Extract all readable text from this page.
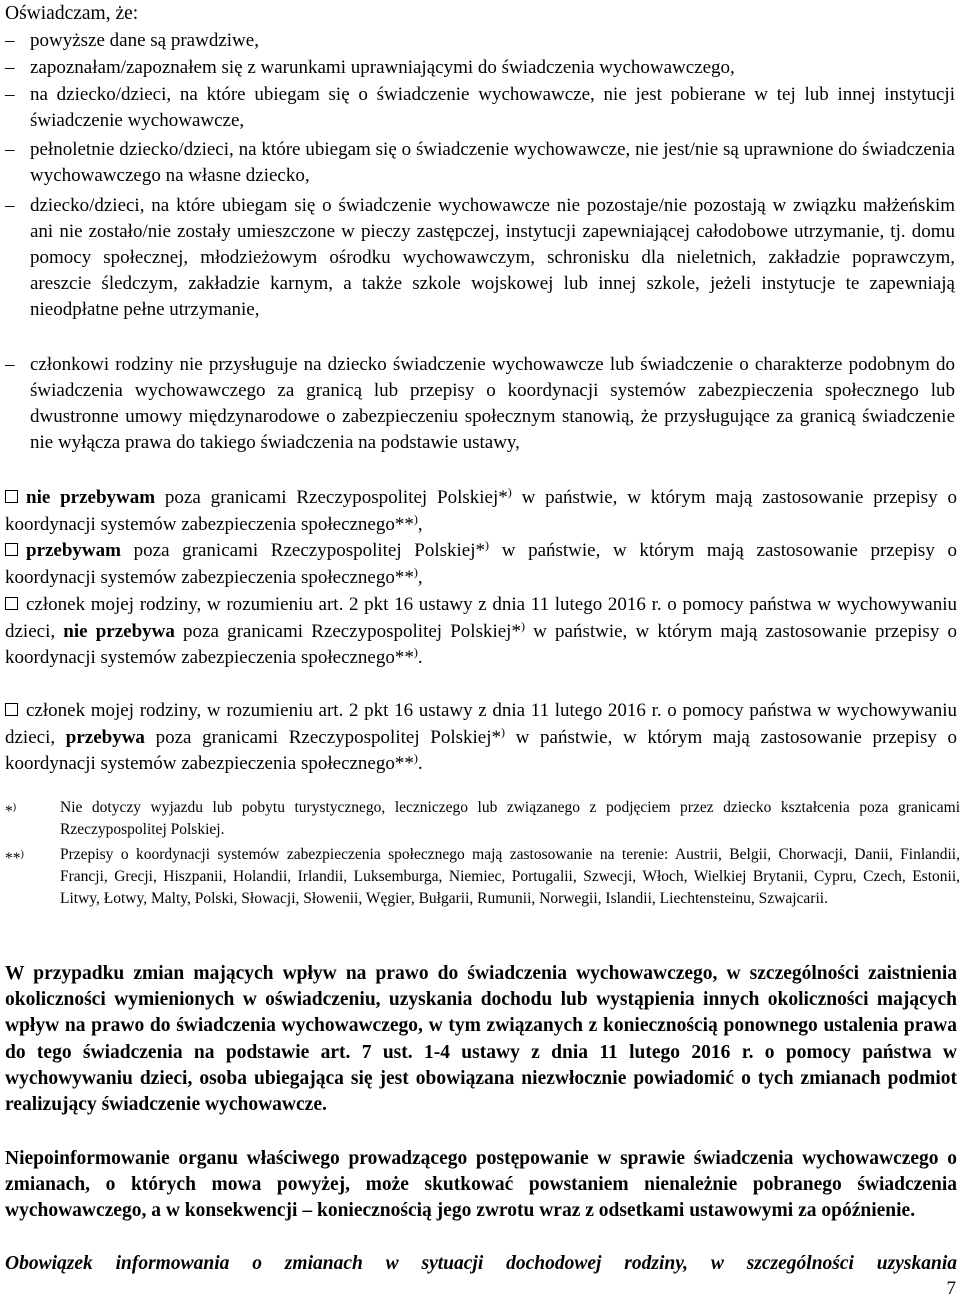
Oświadczam, że:
– powyższe dane są prawdziwe,
– zapoznałam/zapoznałem się z warunkami uprawniającymi do świadczenia wychowawczego,
– na dziecko/dzieci, na które ubiegam się o świadczenie wychowawcze, nie jest pobierane w tej lub innej instytucji świadczenie wychowawcze,
– pełnoletnie dziecko/dzieci, na które ubiegam się o świadczenie wychowawcze, nie jest/nie są uprawnione do świadczenia wychowawczego na własne dziecko,
– dziecko/dzieci, na które ubiegam się o świadczenie wychowawcze nie pozostaje/nie pozostają w związku małżeńskim ani nie zostało/nie zostały umieszczone w pieczy zastępczej, instytucji zapewniającej całodobowe utrzymanie, tj. domu pomocy społecznej, młodzieżowym ośrodku wychowawczym, schronisku dla nieletnich, zakładzie poprawczym, areszcie śledczym, zakładzie karnym, a także szkole wojskowej lub innej szkole, jeżeli instytucje te zapewniają nieodpłatne pełne utrzymanie,
– członkowi rodziny nie przysługuje na dziecko świadczenie wychowawcze lub świadczenie o charakterze podobnym do świadczenia wychowawczego za granicą lub przepisy o koordynacji systemów zabezpieczenia społecznego lub dwustronne umowy międzynarodowe o zabezpieczeniu społecznym stanowią, że przysługujące za granicą świadczenie nie wyłącza prawa do takiego świadczenia na podstawie ustawy,
nie przebywam poza granicami Rzeczypospolitej Polskiej*) w państwie, w którym mają zastosowanie przepisy o koordynacji systemów zabezpieczenia społecznego**),
przebywam poza granicami Rzeczypospolitej Polskiej*) w państwie, w którym mają zastosowanie przepisy o koordynacji systemów zabezpieczenia społecznego**),
członek mojej rodziny, w rozumieniu art. 2 pkt 16 ustawy z dnia 11 lutego 2016 r. o pomocy państwa w wychowywaniu dzieci, nie przebywa poza granicami Rzeczypospolitej Polskiej*) w państwie, w którym mają zastosowanie przepisy o koordynacji systemów zabezpieczenia społecznego**).
członek mojej rodziny, w rozumieniu art. 2 pkt 16 ustawy z dnia 11 lutego 2016 r. o pomocy państwa w wychowywaniu dzieci, przebywa poza granicami Rzeczypospolitej Polskiej*) w państwie, w którym mają zastosowanie przepisy o koordynacji systemów zabezpieczenia społecznego**).
*)	Nie dotyczy wyjazdu lub pobytu turystycznego, leczniczego lub związanego z podjęciem przez dziecko kształcenia poza granicami Rzeczypospolitej Polskiej.
**)	Przepisy o koordynacji systemów zabezpieczenia społecznego mają zastosowanie na terenie: Austrii, Belgii, Chorwacji, Danii, Finlandii, Francji, Grecji, Hiszpanii, Holandii, Irlandii, Luksemburga, Niemiec, Portugalii, Szwecji, Włoch, Wielkiej Brytanii, Cypru, Czech, Estonii, Litwy, Łotwy, Malty, Polski, Słowacji, Słowenii, Węgier, Bułgarii, Rumunii, Norwegii, Islandii, Liechtensteinu, Szwajcarii.
W przypadku zmian mających wpływ na prawo do świadczenia wychowawczego, w szczególności zaistnienia okoliczności wymienionych w oświadczeniu, uzyskania dochodu lub wystąpienia innych okoliczności mających wpływ na prawo do świadczenia wychowawczego, w tym związanych z koniecznością ponownego ustalenia prawa do tego świadczenia na podstawie art. 7 ust. 1-4 ustawy z dnia 11 lutego 2016 r. o pomocy państwa w wychowywaniu dzieci, osoba ubiegająca się jest obowiązana niezwłocznie powiadomić o tych zmianach podmiot realizujący świadczenie wychowawcze.
Niepoinformowanie organu właściwego prowadzącego postępowanie w sprawie świadczenia wychowawczego o zmianach, o których mowa powyżej, może skutkować powstaniem nienależnie pobranego świadczenia wychowawczego, a w konsekwencji – koniecznością jego zwrotu wraz z odsetkami ustawowymi za opóźnienie.
Obowiązek informowania o zmianach w sytuacji dochodowej rodziny, w szczególności uzyskania
7
